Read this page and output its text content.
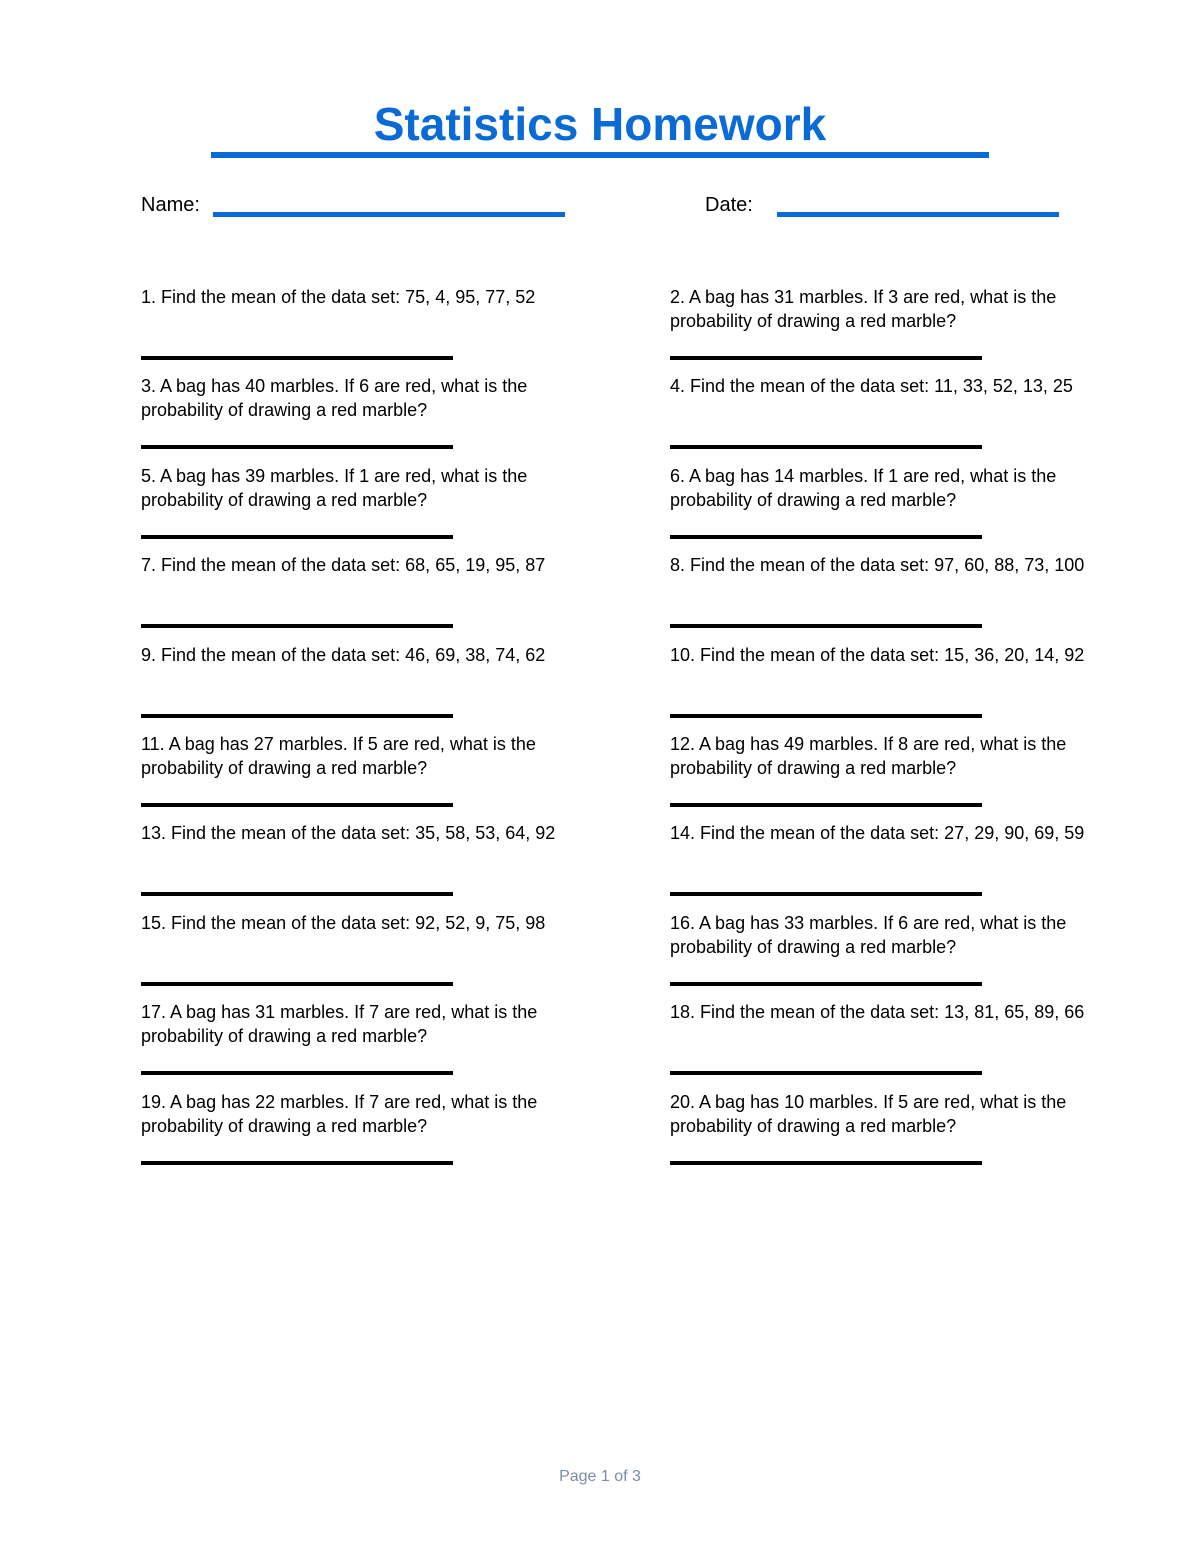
Statistics Homework
Name:	Date:
1. Find the mean of the data set: 75, 4, 95, 77, 52	2. A bag has 31 marbles. If 3 are red, what is the probability of drawing a red marble?
3. A bag has 40 marbles. If 6 are red, what is the probability of drawing a red marble?
4. Find the mean of the data set: 11, 33, 52, 13, 25
5. A bag has 39 marbles. If 1 are red, what is the probability of drawing a red marble?
6. A bag has 14 marbles. If 1 are red, what is the probability of drawing a red marble?
7. Find the mean of the data set: 68, 65, 19, 95, 87	8. Find the mean of the data set: 97, 60, 88, 73, 100
9. Find the mean of the data set: 46, 69, 38, 74, 62	10. Find the mean of the data set: 15, 36, 20, 14, 92
11. A bag has 27 marbles. If 5 are red, what is the probability of drawing a red marble?
12. A bag has 49 marbles. If 8 are red, what is the probability of drawing a red marble?
13. Find the mean of the data set: 35, 58, 53, 64, 92	14. Find the mean of the data set: 27, 29, 90, 69, 59
15. Find the mean of the data set: 92, 52, 9, 75, 98	16. A bag has 33 marbles. If 6 are red, what is the probability of drawing a red marble?
17. A bag has 31 marbles. If 7 are red, what is the probability of drawing a red marble?
18. Find the mean of the data set: 13, 81, 65, 89, 66
19. A bag has 22 marbles. If 7 are red, what is the probability of drawing a red marble?
20. A bag has 10 marbles. If 5 are red, what is the probability of drawing a red marble?
Page 1 of 3
